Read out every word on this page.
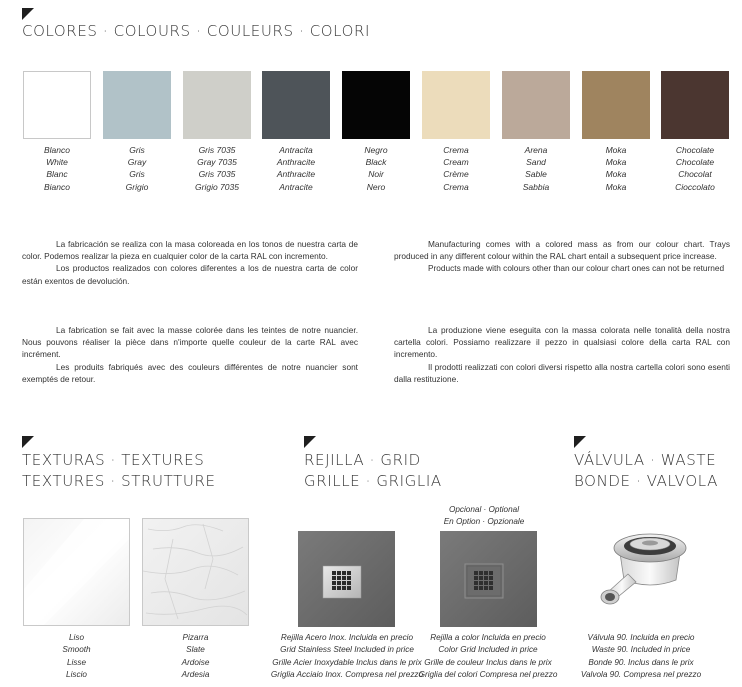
COLORES · COLOURS · COULEURS · COLORI
Blanco
White
Blanc
Bianco
Gris
Gray
Gris
Grigio
Gris 7035
Gray 7035
Gris 7035
Grigio 7035
Antracita
Anthracite
Anthracite
Antracite
Negro
Black
Noir
Nero
Crema
Cream
Crème
Crema
Arena
Sand
Sable
Sabbia
Moka
Moka
Moka
Moka
Chocolate
Chocolate
Chocolat
Cioccolato

La fabricación se realiza con la masa coloreada en los tonos de nuestra carta de color. Podemos realizar la pieza en cualquier color de la carta RAL con incremento.

Los productos realizados con colores diferentes a los de nuestra carta de color están exentos de devolución.

Manufacturing comes with a colored mass as from our colour chart. Trays produced in any different colour within the RAL chart entail a subsequent price increase.

Products made with colours other than our colour chart ones can not be returned

La fabrication se fait avec la masse colorée dans les teintes de notre nuancier. Nous pouvons réaliser la pièce dans n'importe quelle couleur de la carte RAL avec incrément.

Les produits fabriqués avec des couleurs différentes de notre nuancier sont exemptés de retour.

La produzione viene eseguita con la massa colorata nelle tonalità della nostra cartella colori. Possiamo realizzare il pezzo in qualsiasi colore della carta RAL con incremento.

Il prodotti realizzati con colori diversi rispetto alla nostra cartella colori sono esenti dalla restituzione.

TEXTURAS · TEXTURES
TEXTURES · STRUTTURE
Liso
Smooth
Lisse
Liscio
Pizarra
Slate
Ardoise
Ardesia
REJILLA · GRID
GRILLE · GRIGLIA
Opcional · Optional
En Option · Opzionale
Rejilla Acero Inox. Incluida en precio
Grid Stainless Steel Included in price
Grille Acier Inoxydable Inclus dans le prix
Griglia Acciaio Inox. Compresa nel prezzo
Rejilla a color Incluida en precio
Color Grid Included in price
Grille de couleur Inclus dans le prix
Griglia del colori Compresa nel prezzo
VÁLVULA · WASTE
BONDE · VALVOLA
Válvula 90. Incluida en precio
Waste 90. Included in price
Bonde 90. Inclus dans le prix
Valvola 90. Compresa nel prezzo
